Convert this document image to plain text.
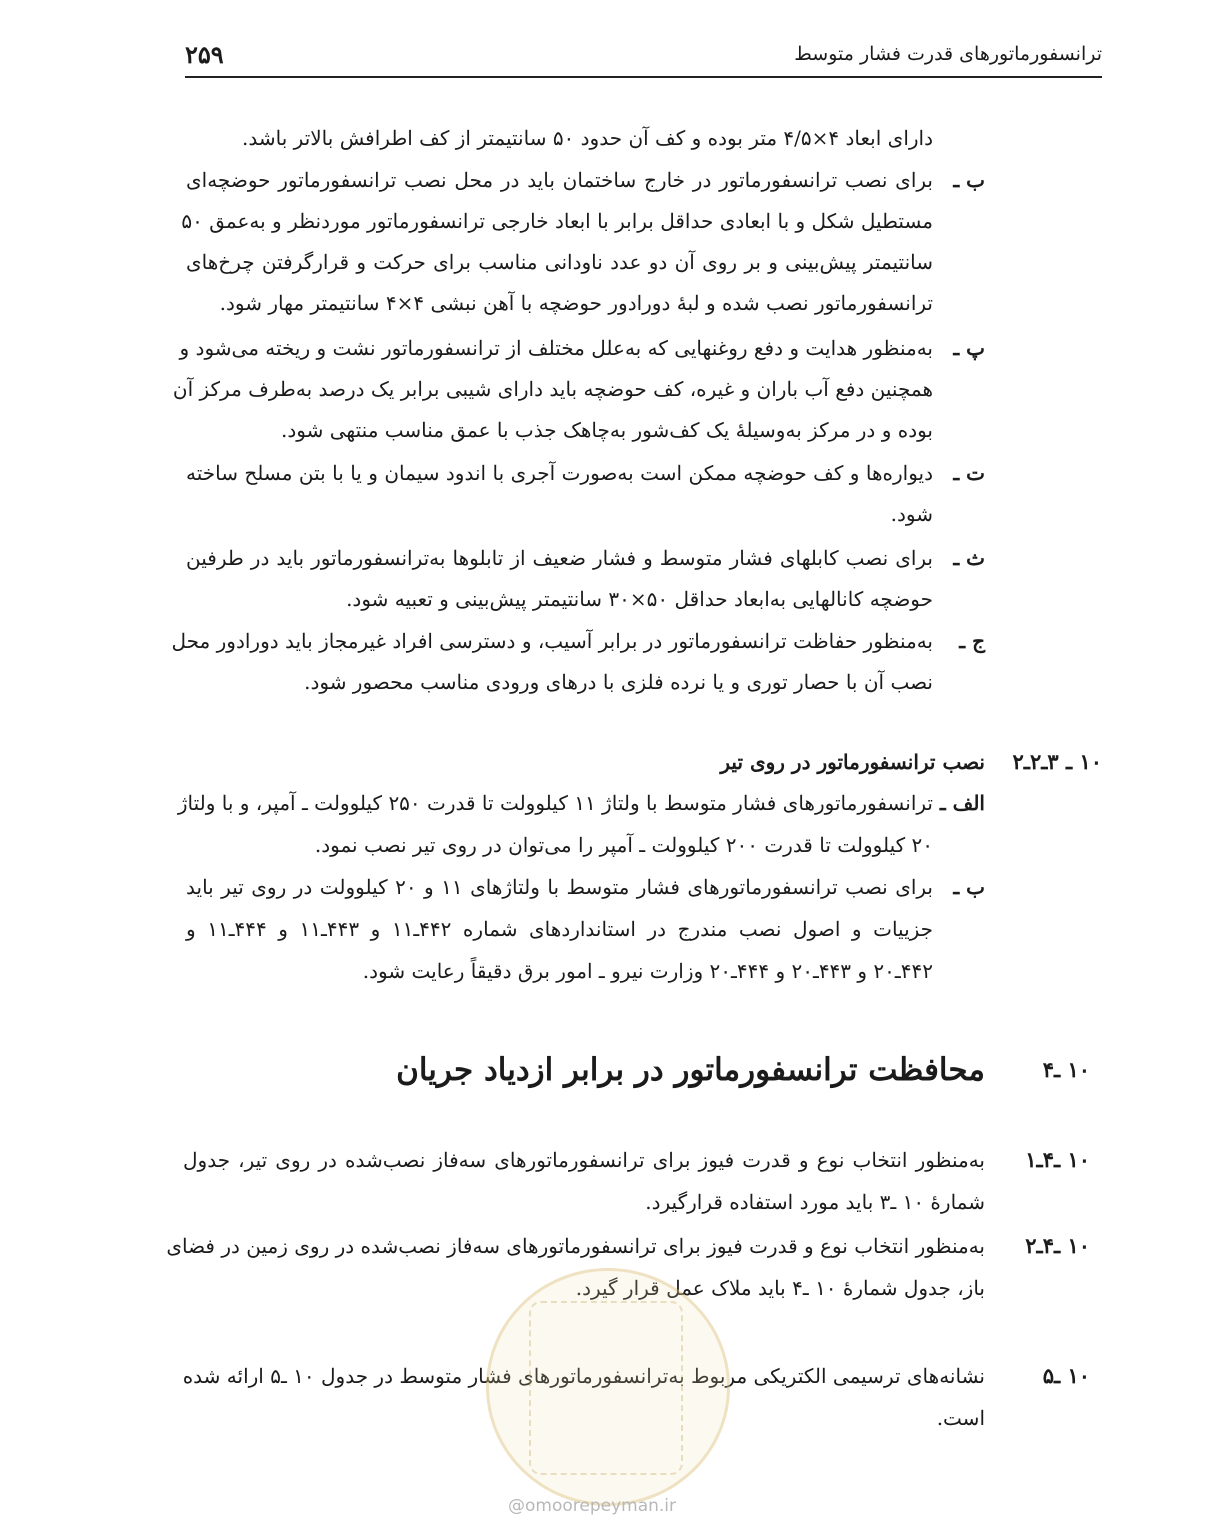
۲۵۹	ترانسفورماتورهای قدرت فشار متوسط
دارای ابعاد ۴×۴/۵ متر بوده و کف آن حدود ۵۰ سانتیمتر از کف اطرافش بالاتر باشد.
ب ـ
برای نصب ترانسفورماتور در خارج ساختمان باید در محل نصب ترانسفورماتور حوضچه‌ای
مستطیل شکل و با ابعادی حداقل برابر با ابعاد خارجی ترانسفورماتور موردنظر و به‌عمق ۵۰
سانتیمتر پیش‌بینی و بر روی آن دو عدد ناودانی مناسب برای حرکت و قرارگرفتن چرخ‌های
ترانسفورماتور نصب شده و لبهٔ دورادور حوضچه با آهن نبشی ۴×۴ سانتیمتر مهار شود.
پ ـ
به‌منظور هدایت و دفع روغنهایی که به‌علل مختلف از ترانسفورماتور نشت و ریخته می‌شود و
همچنین دفع آب باران و غیره، کف حوضچه باید دارای شیبی برابر یک درصد به‌طرف مرکز آن
بوده و در مرکز به‌وسیلهٔ یک کف‌شور به‌چاهک جذب با عمق مناسب منتهی شود.
ت ـ
دیواره‌ها و کف حوضچه ممکن است به‌صورت آجری با اندود سیمان و یا با بتن مسلح ساخته
شود.
ث ـ
برای نصب کابلهای فشار متوسط و فشار ضعیف از تابلوها به‌ترانسفورماتور باید در طرفین
حوضچه کانالهایی به‌ابعاد حداقل ۵۰×۳۰ سانتیمتر پیش‌بینی و تعبیه شود.
ج ـ
به‌منظور حفاظت ترانسفورماتور در برابر آسیب، و دسترسی افراد غیرمجاز باید دورادور محل
نصب آن با حصار توری و یا نرده فلزی با درهای ورودی مناسب محصور شود.
۱۰ ـ ۳ـ۲ـ۲
نصب ترانسفورماتور در روی تیر
الف ـ
ترانسفورماتورهای فشار متوسط با ولتاژ ۱۱ کیلوولت تا قدرت ۲۵۰ کیلوولت ـ آمپر، و با ولتاژ
۲۰ کیلوولت تا قدرت ۲۰۰ کیلوولت ـ آمپر را می‌توان در روی تیر نصب نمود.
ب ـ
برای نصب ترانسفورماتورهای فشار متوسط با ولتاژهای ۱۱ و ۲۰ کیلوولت در روی تیر باید
جزییات و اصول نصب مندرج در استانداردهای شماره ۴۴۲ـ۱۱ و ۴۴۳ـ۱۱ و ۴۴۴ـ۱۱ و
۴۴۲ـ۲۰ و ۴۴۳ـ۲۰ و ۴۴۴ـ۲۰ وزارت نیرو ـ امور برق دقیقاً رعایت شود.
۱۰ ـ۴
محافظت ترانسفورماتور در برابر ازدیاد جریان
۱۰ ـ۴ـ۱
به‌منظور انتخاب نوع و قدرت فیوز برای ترانسفورماتورهای سه‌فاز نصب‌شده در روی تیر، جدول
شمارهٔ ۱۰ ـ۳ باید مورد استفاده قرارگیرد.
۱۰ ـ۴ـ۲
به‌منظور انتخاب نوع و قدرت فیوز برای ترانسفورماتورهای سه‌فاز نصب‌شده در روی زمین در فضای
باز، جدول شمارهٔ ۱۰ ـ۴ باید ملاک عمل قرار گیرد.
۱۰ ـ۵
نشانه‌های ترسیمی الکتریکی مربوط به‌ترانسفورماتورهای فشار متوسط در جدول ۱۰ ـ۵ ارائه شده
است.
@omoorepeyman.ir
